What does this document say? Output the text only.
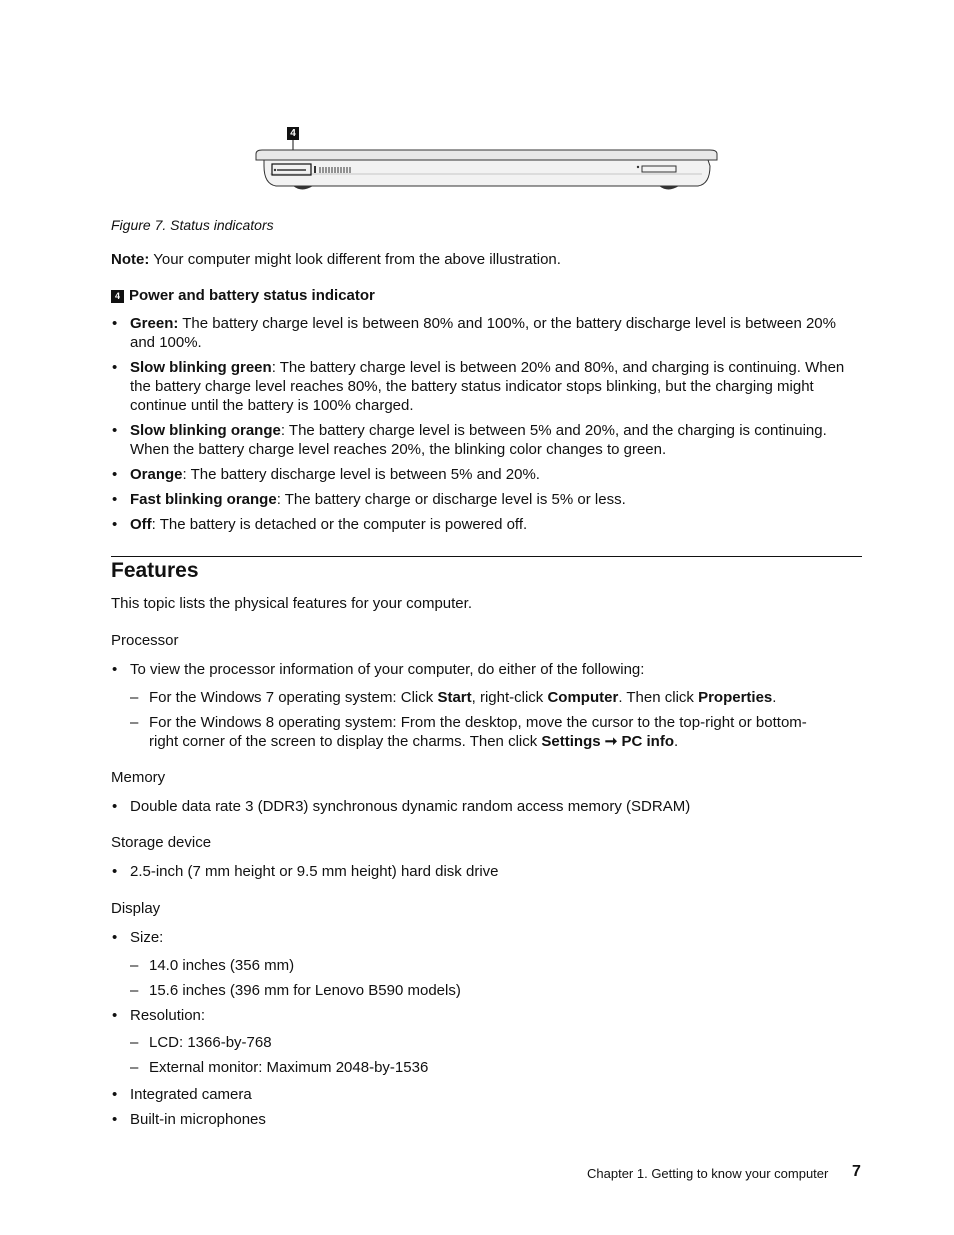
4
Figure 7. Status indicators
Note: Your computer might look different from the above illustration.
4 Power and battery status indicator
• Green: The battery charge level is between 80% and 100%, or the battery discharge level is between 20% and 100%.
• Slow blinking green: The battery charge level is between 20% and 80%, and charging is continuing. When the battery charge level reaches 80%, the battery status indicator stops blinking, but the charging might continue until the battery is 100% charged.
• Slow blinking orange: The battery charge level is between 5% and 20%, and the charging is continuing. When the battery charge level reaches 20%, the blinking color changes to green.
• Orange: The battery discharge level is between 5% and 20%.
• Fast blinking orange: The battery charge or discharge level is 5% or less.
• Off: The battery is detached or the computer is powered off.
Features
This topic lists the physical features for your computer.
Processor
• To view the processor information of your computer, do either of the following:
– For the Windows 7 operating system: Click Start, right-click Computer. Then click Properties.
– For the Windows 8 operating system: From the desktop, move the cursor to the top-right or bottom-right corner of the screen to display the charms. Then click Settings ➞ PC info.
Memory
• Double data rate 3 (DDR3) synchronous dynamic random access memory (SDRAM)
Storage device
• 2.5-inch (7 mm height or 9.5 mm height) hard disk drive
Display
• Size:
– 14.0 inches (356 mm)
– 15.6 inches (396 mm for Lenovo B590 models)
• Resolution:
– LCD: 1366-by-768
– External monitor: Maximum 2048-by-1536
• Integrated camera
• Built-in microphones
Chapter 1. Getting to know your computer 7
